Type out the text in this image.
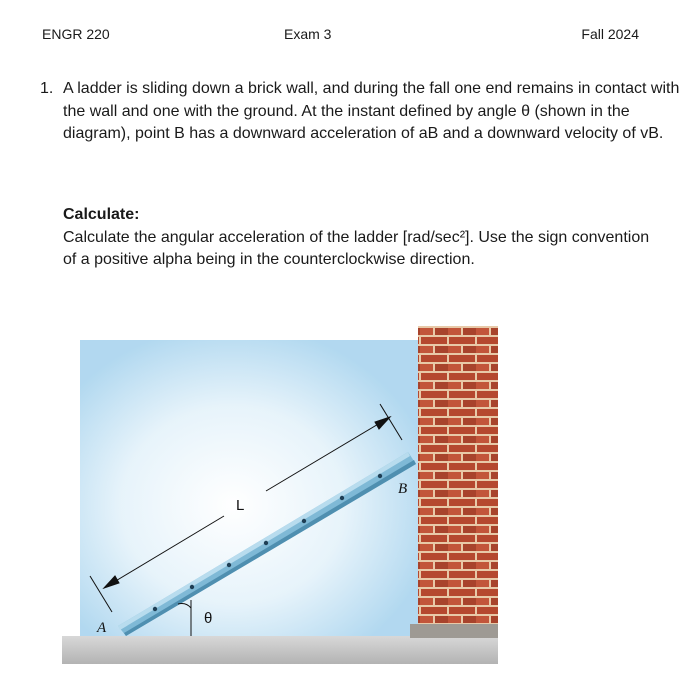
ENGR 220	Exam 3	Fall 2024
1. A ladder is sliding down a brick wall, and during the fall one end remains in contact with the wall and one with the ground. At the instant defined by angle θ (shown in the diagram), point B has a downward acceleration of aB and a downward velocity of vB.
Calculate:
Calculate the angular acceleration of the ladder [rad/sec²]. Use the sign convention of a positive alpha being in the counterclockwise direction.
L
θ
A
B
